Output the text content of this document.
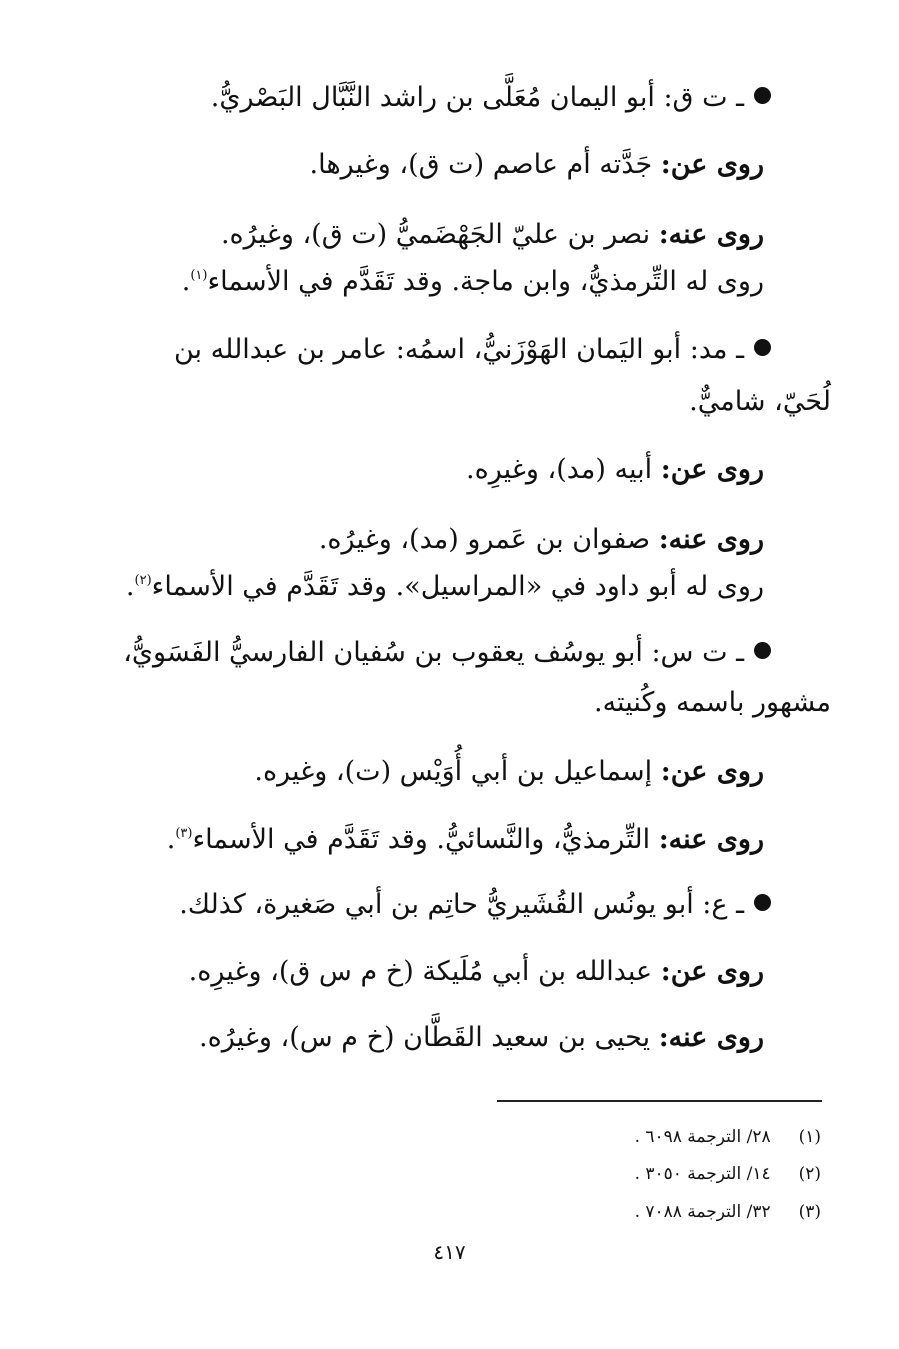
ـ ت ق: أبو اليمان مُعَلَّى بن راشد النَّبَّال البَصْريُّ.
روى عن: جَدَّته أم عاصم (ت ق)، وغيرها.
روى عنه: نصر بن عليّ الجَهْضَميُّ (ت ق)، وغيرُه.
روى له التِّرمذيُّ، وابن ماجة. وقد تَقَدَّم في الأسماء$^{(١)}$.
ـ مد: أبو اليَمان الهَوْزَنيُّ، اسمُه: عامر بن عبدالله بن
لُحَيّ، شاميٌّ.
روى عن: أبيه (مد)، وغيرِه.
روى عنه: صفوان بن عَمرو (مد)، وغيرُه.
روى له أبو داود في «المراسيل». وقد تَقَدَّم في الأسماء$^{(٢)}$.
ـ ت س: أبو يوسُف يعقوب بن سُفيان الفارسيُّ الفَسَويُّ،
مشهور باسمه وكُنيته.
روى عن: إسماعيل بن أبي أُوَيْس (ت)، وغيره.
روى عنه: التِّرمذيُّ، والنَّسائيُّ. وقد تَقَدَّم في الأسماء$^{(٣)}$.
ـ ع: أبو يونُس القُشَيريُّ حاتِم بن أبي صَغيرة، كذلك.
روى عن: عبدالله بن أبي مُلَيكة (خ م س ق)، وغيرِه.
روى عنه: يحيى بن سعيد القَطَّان (خ م س)، وغيرُه.
(١)٢٨/ الترجمة ٦٠٩٨ .
(٢)١٤/ الترجمة ٣٠٥٠ .
(٣)٣٢/ الترجمة ٧٠٨٨ .
٤١٧
